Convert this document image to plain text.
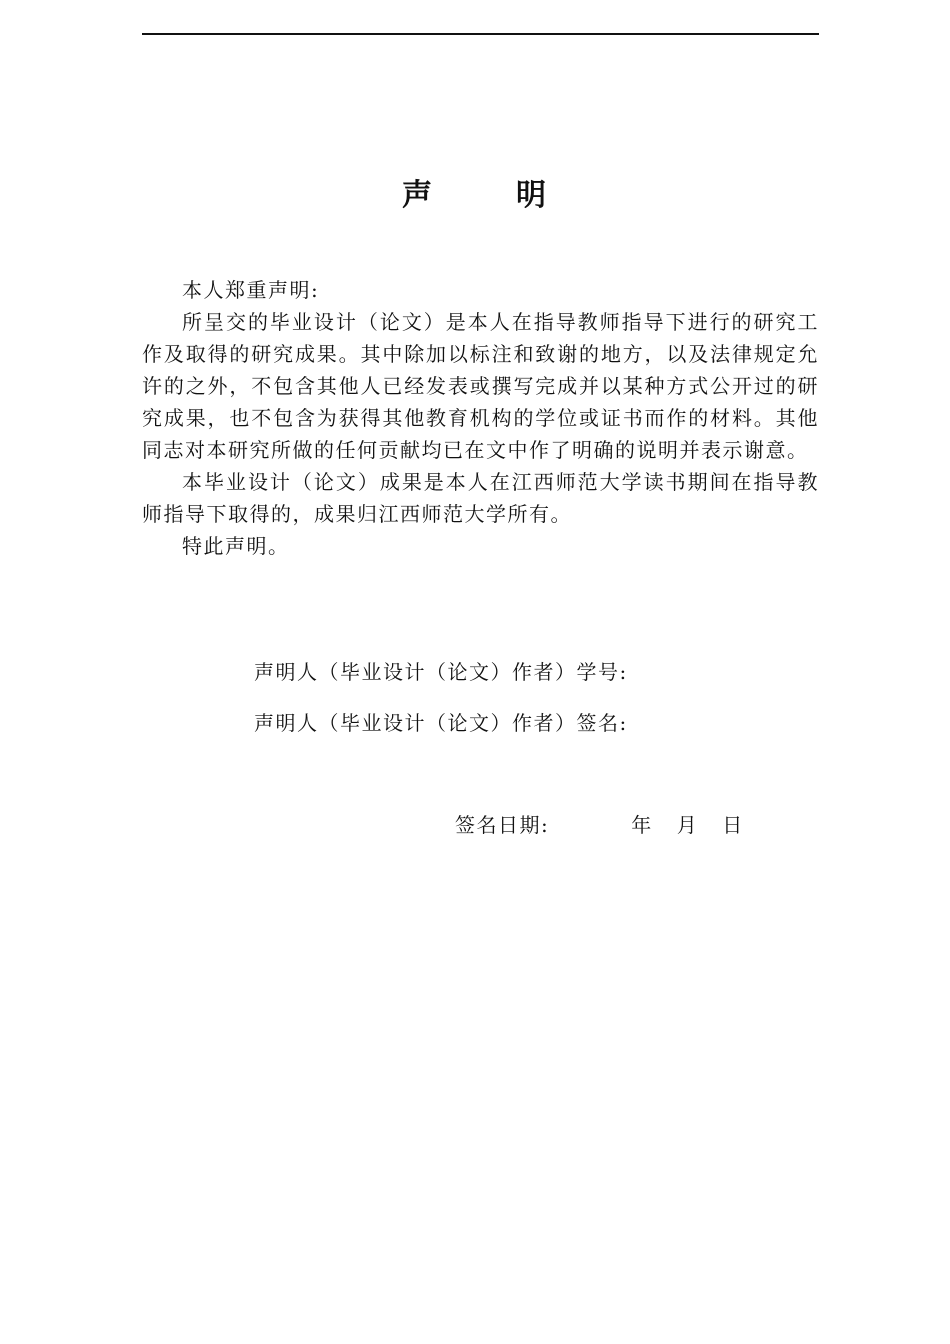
声	明

本人郑重声明:

所呈交的毕业设计（论文）是本人在指导教师指导下进行的研究工作及取得的研究成果。其中除加以标注和致谢的地方，以及法律规定允许的之外，不包含其他人已经发表或撰写完成并以某种方式公开过的研究成果，也不包含为获得其他教育机构的学位或证书而作的材料。其他同志对本研究所做的任何贡献均已在文中作了明确的说明并表示谢意。

本毕业设计（论文）成果是本人在江西师范大学读书期间在指导教师指导下取得的，成果归江西师范大学所有。

特此声明。

声明人（毕业设计（论文）作者）学号:
声明人（毕业设计（论文）作者）签名:
签名日期:	年 月 日
